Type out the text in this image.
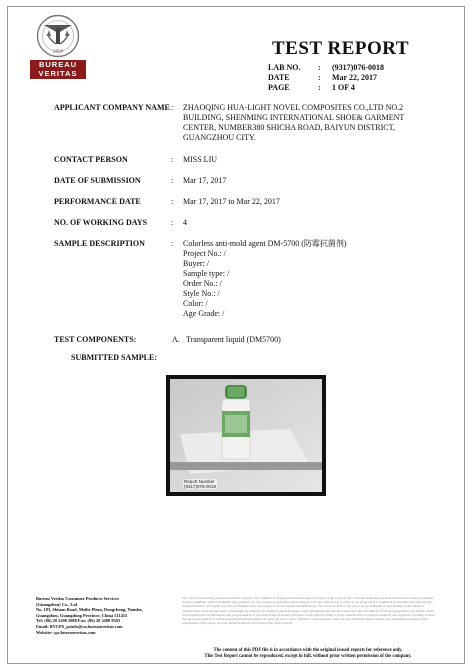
1828
BUREAU
VERITAS
TEST REPORT
LAB NO.	:	(9317)076-0018
DATE	:	Mar 22, 2017
PAGE	:	1 OF 4
APPLICANT COMPANY NAME :	ZHAOQING HUA-LIGHT NOVEL COMPOSITES CO.,LTD NO.2 BUILDING, SHENMING INTERNATIONAL SHOE& GARMENT CENTER, NUMBER380 SHICHA ROAD, BAIYUN DISTRICT, GUANGZHOU CITY.
CONTACT PERSON	:	MISS LIU
DATE OF SUBMISSION	:	Mar 17, 2017
PERFORMANCE DATE	:	Mar 17, 2017 to Mar 22, 2017
NO. OF WORKING DAYS	:	4
SAMPLE DESCRIPTION	:	Colorless anti-mold agent DM-5700 (防霉抗菌剂)
Project No.: /
Buyer: /
Sample type: /
Order No.: /
Style No.: /
Color: /
Age Grade: /
TEST COMPONENTS:	A. Transparent liquid (DM5700)
SUBMITTED SAMPLE:
Report Number
(9317)076-0018
Bureau Veritas Consumer Products Services
(Guangzhou) Co., Ltd
No. 183, Shiuan Road, Meilie Plaza, Dongchong, Nansha,
Guangzhou, Guangdong Province, China 511453
Tel: (86) 20 2290 2088 Fax: (86) 20 3490 9303
Email: BVCPS_pstnfo@cn.bureauveritas.com
Website: cps.bureauveritas.com
This report is governed by and incorporated by reference, the Conditions of Testing as posted at the date of issuance of this report at http://www.bureauveritas.com/home/about-us/our-business/cps/about-us/terms-conditions/ and is intended for your exclusive use. Any copying or replication of this report to or for any other person or entity, or use of our name or trademark, is permitted only with our prior written permission. This report sets forth our findings solely with respect to the test samples identified herein. The results set forth in this report are not indicative or representative of the quality or characteristics of the lot from which a test sample was taken or any similar or identical product unless specifically and expressly noted. Our report includes all of the tests requested by you and the results thereof based upon the information that you provided to us. You have 60 days from date of issuance of this report to notify us of any material error or omission caused by our negligence, provided, however, that such notice shall be in writing and shall specifically address the issue you wish to raise. A failure to raise such issue within the prescribed time shall constitute your unqualified acceptance of the completeness of this report, the tests conducted and the correctness of the report contents.
The content of this PDF file is in accordance with the original issued reports for reference only.
This Test Report cannot be reproduced, except in full, without prior written permission of the company.
